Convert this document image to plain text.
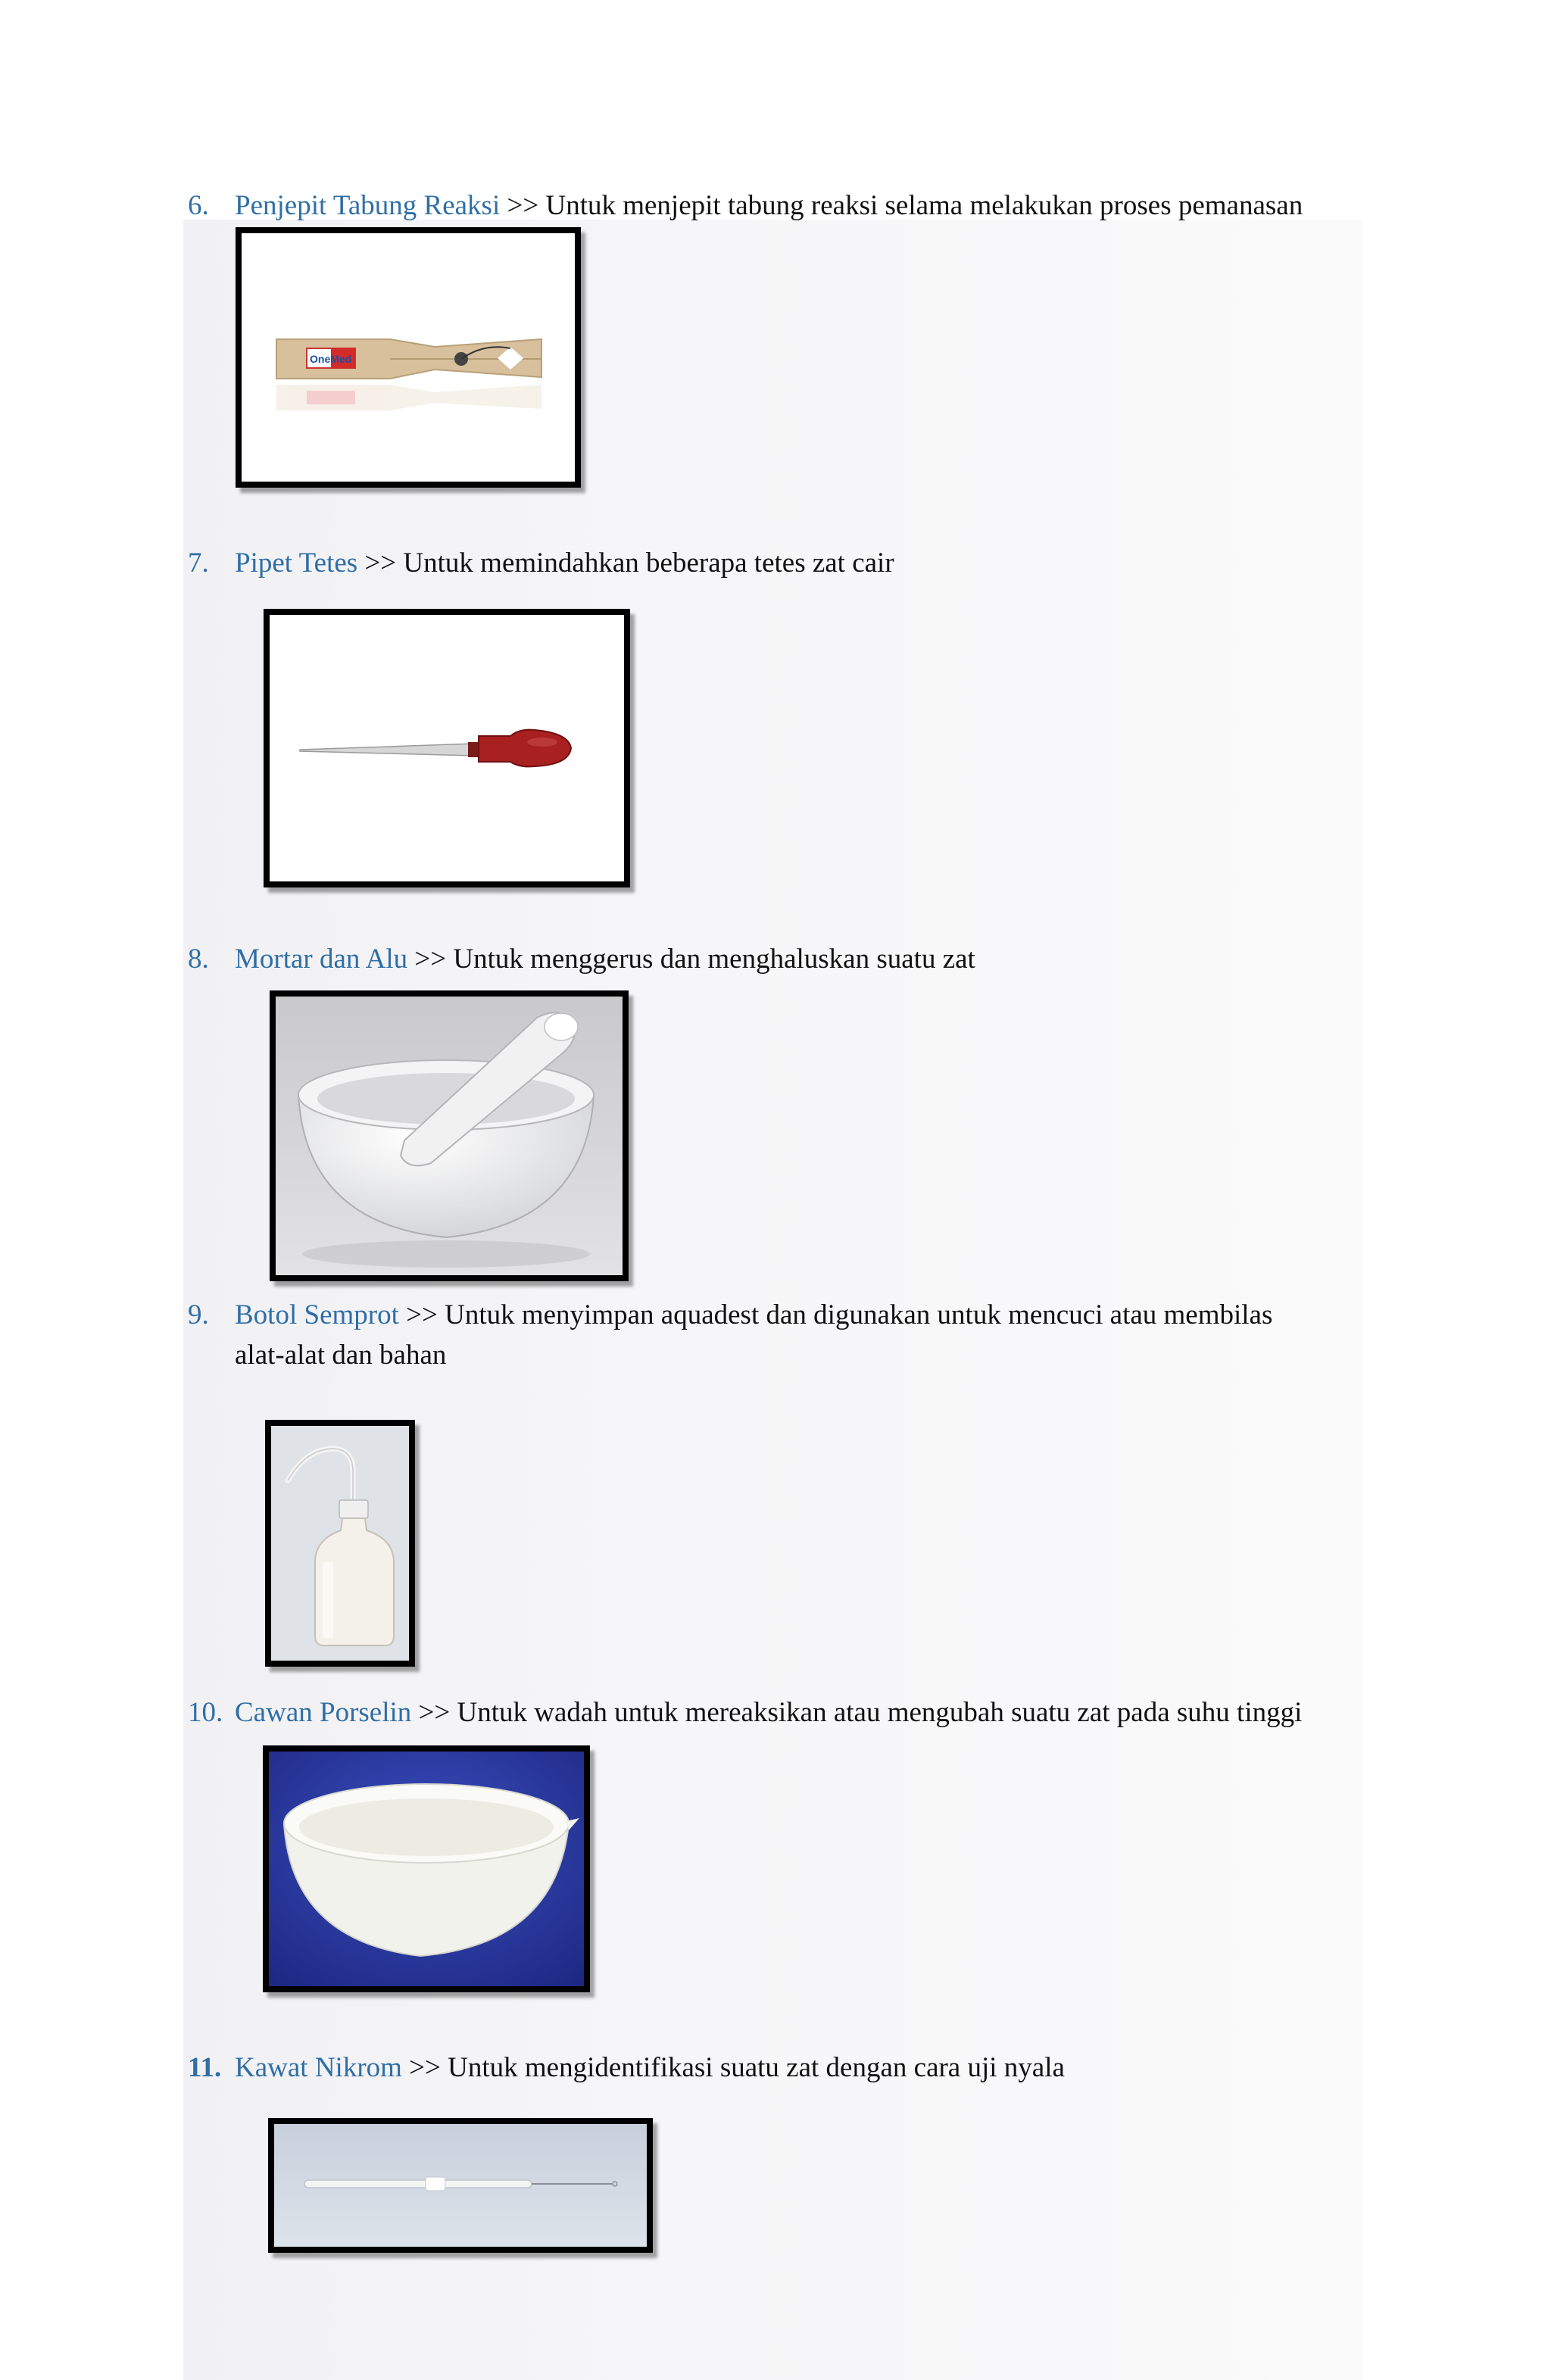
6. Penjepit Tabung Reaksi >> Untuk menjepit tabung reaksi selama melakukan proses pemanasan
OneMed
7. Pipet Tetes >> Untuk memindahkan beberapa tetes zat cair
8. Mortar dan Alu >> Untuk menggerus dan menghaluskan suatu zat
9. Botol Semprot >> Untuk menyimpan aquadest dan digunakan untuk mencuci atau membilas
alat-alat dan bahan
10. Cawan Porselin >> Untuk wadah untuk mereaksikan atau mengubah suatu zat pada suhu tinggi
11. Kawat Nikrom >> Untuk mengidentifikasi suatu zat dengan cara uji nyala
